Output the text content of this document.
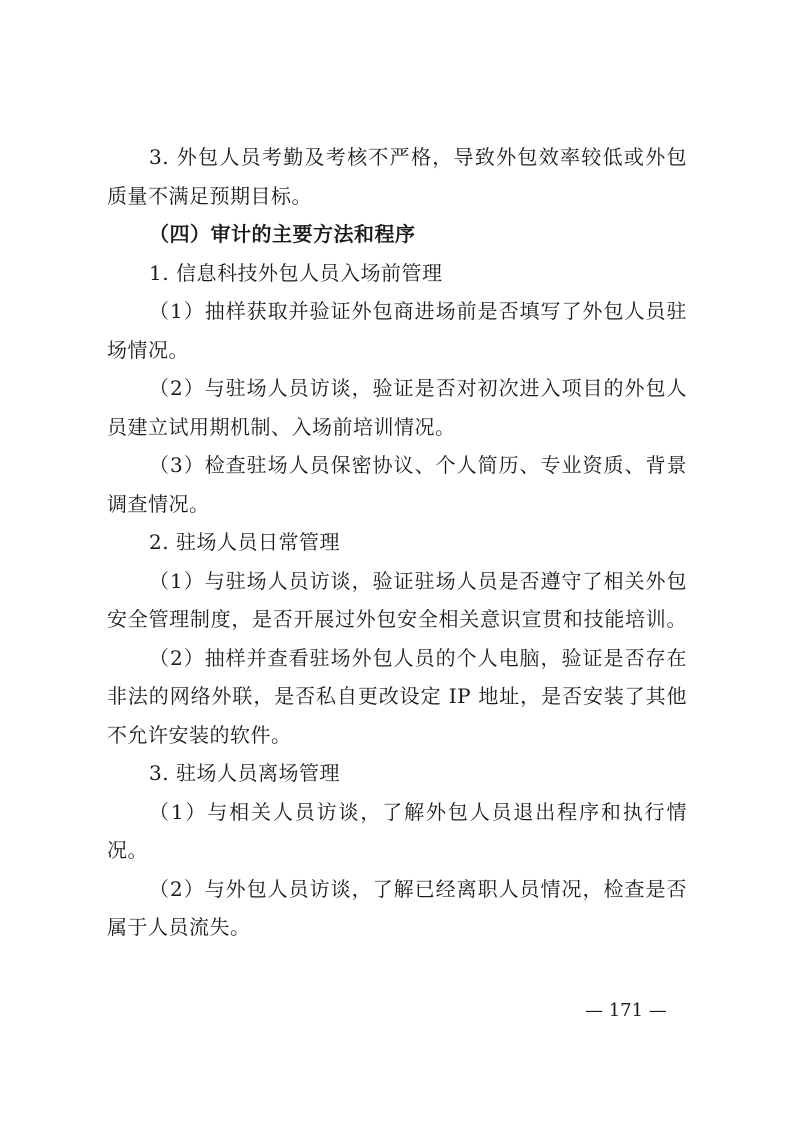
3. 外包人员考勤及考核不严格，导致外包效率较低或外包
质量不满足预期目标。
（四）审计的主要方法和程序
1. 信息科技外包人员入场前管理
（1）抽样获取并验证外包商进场前是否填写了外包人员驻
场情况。
（2）与驻场人员访谈，验证是否对初次进入项目的外包人
员建立试用期机制、入场前培训情况。
（3）检查驻场人员保密协议、个人简历、专业资质、背景
调查情况。
2. 驻场人员日常管理
（1）与驻场人员访谈，验证驻场人员是否遵守了相关外包
安全管理制度，是否开展过外包安全相关意识宣贯和技能培训。
（2）抽样并查看驻场外包人员的个人电脑，验证是否存在
非法的网络外联，是否私自更改设定 IP 地址，是否安装了其他
不允许安装的软件。
3. 驻场人员离场管理
（1）与相关人员访谈，了解外包人员退出程序和执行情
况。
（2）与外包人员访谈，了解已经离职人员情况，检查是否
属于人员流失。
— 171 —
